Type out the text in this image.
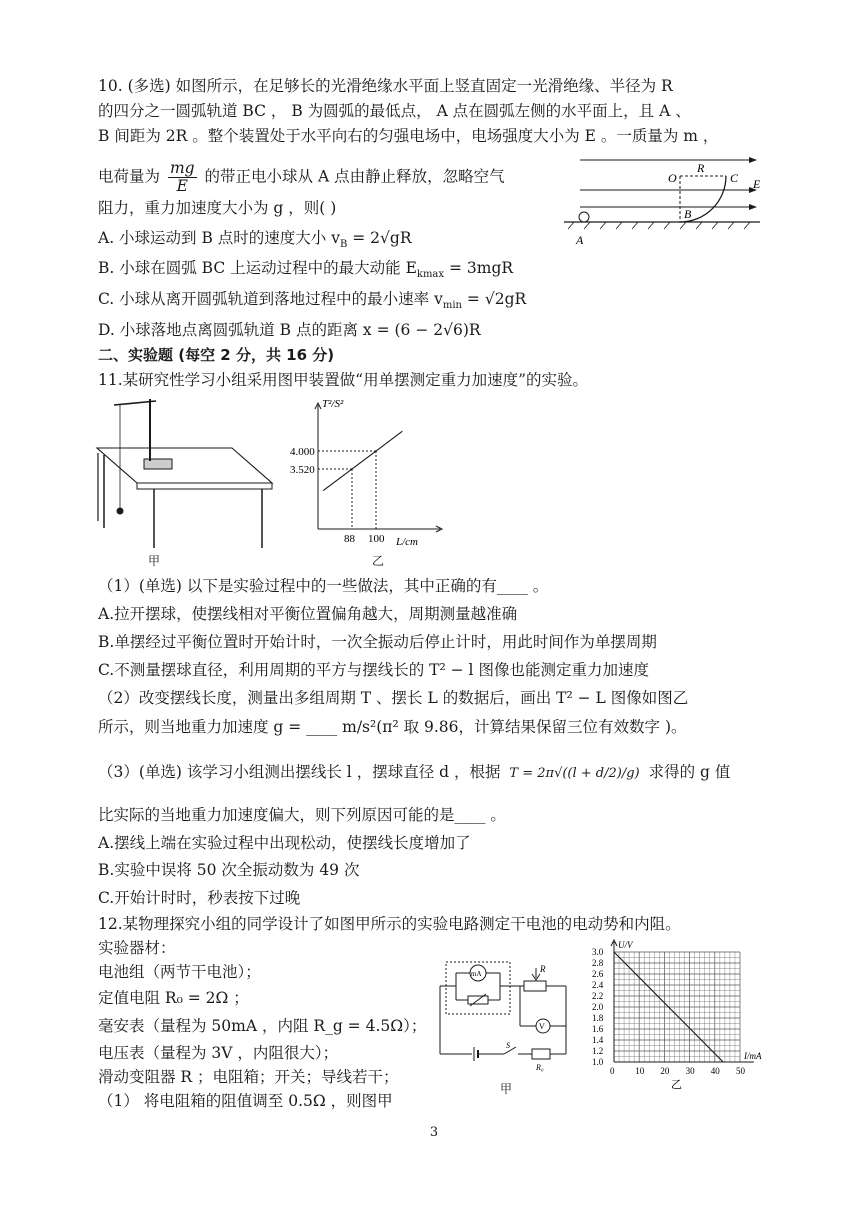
10. (多选) 如图所示，在足够长的光滑绝缘水平面上竖直固定一光滑绝缘、半径为 R
的四分之一圆弧轨道 BC ， B 为圆弧的最低点， A 点在圆弧左侧的水平面上，且 A 、
B 间距为 2R 。整个装置处于水平向右的匀强电场中，电场强度大小为 E 。一质量为 m ，
电荷量为 $\frac{mg}{E}$ 的带正电小球从 A 点由静止释放，忽略空气
阻力，重力加速度大小为 g ，则( )
A. 小球运动到 B 点时的速度大小 $v_B = 2√gR$
B. 小球在圆弧 BC 上运动过程中的最大动能 $E_{kmax} = 3mgR$
C. 小球从离开圆弧轨道到落地过程中的最小速率 $v_{min} = √2gR$
D. 小球落地点离圆弧轨道 B 点的距离 x = (6 − 2√6)R
O
R
C E
B
A
二、实验题 (每空 2 分，共 16 分)
11.某研究性学习小组采用图甲装置做“用单摆测定重力加速度”的实验。
甲
88 100
4.000
3.520
T²/S²
L/cm
乙
（1）(单选) 以下是实验过程中的一些做法，其中正确的有____ 。
A.拉开摆球，使摆线相对平衡位置偏角越大，周期测量越准确
B.单摆经过平衡位置时开始计时，一次全振动后停止计时，用此时间作为单摆周期
C.不测量摆球直径，利用周期的平方与摆线长的 T² − l 图像也能测定重力加速度
（2）改变摆线长度，测量出多组周期 T 、摆长 L 的数据后，画出 T² − L 图像如图乙
所示，则当地重力加速度 g = ____ m/s²(π² 取 9.86，计算结果保留三位有效数字 )。
（3）(单选) 该学习小组测出摆线长 l ，摆球直径 d ，根据 T = 2π√((l + d/2)/g) 求得的 g 值
比实际的当地重力加速度偏大，则下列原因可能的是____ 。
A.摆线上端在实验过程中出现松动，使摆线长度增加了
B.实验中误将 50 次全振动数为 49 次
C.开始计时时，秒表按下过晚
12.某物理探究小组的同学设计了如图甲所示的实验电路测定干电池的电动势和内阻。
实验器材：
电池组（两节干电池）；
定值电阻 R₀ = 2Ω ；
毫安表（量程为 50mA ，内阻 R_g = 4.5Ω）；
电压表（量程为 3V ，内阻很大）；
滑动变阻器 R ；电阻箱；开关；导线若干；
（1） 将电阻箱的阻值调至 0.5Ω ，则图甲
mA	R
V
S
R₀
甲
1.0
1.2
1.4
1.6
1.8
2.0
2.2
2.4
2.6
2.8
3.0
0 10 20 30 40 50
U/V
I/mA
乙
3
